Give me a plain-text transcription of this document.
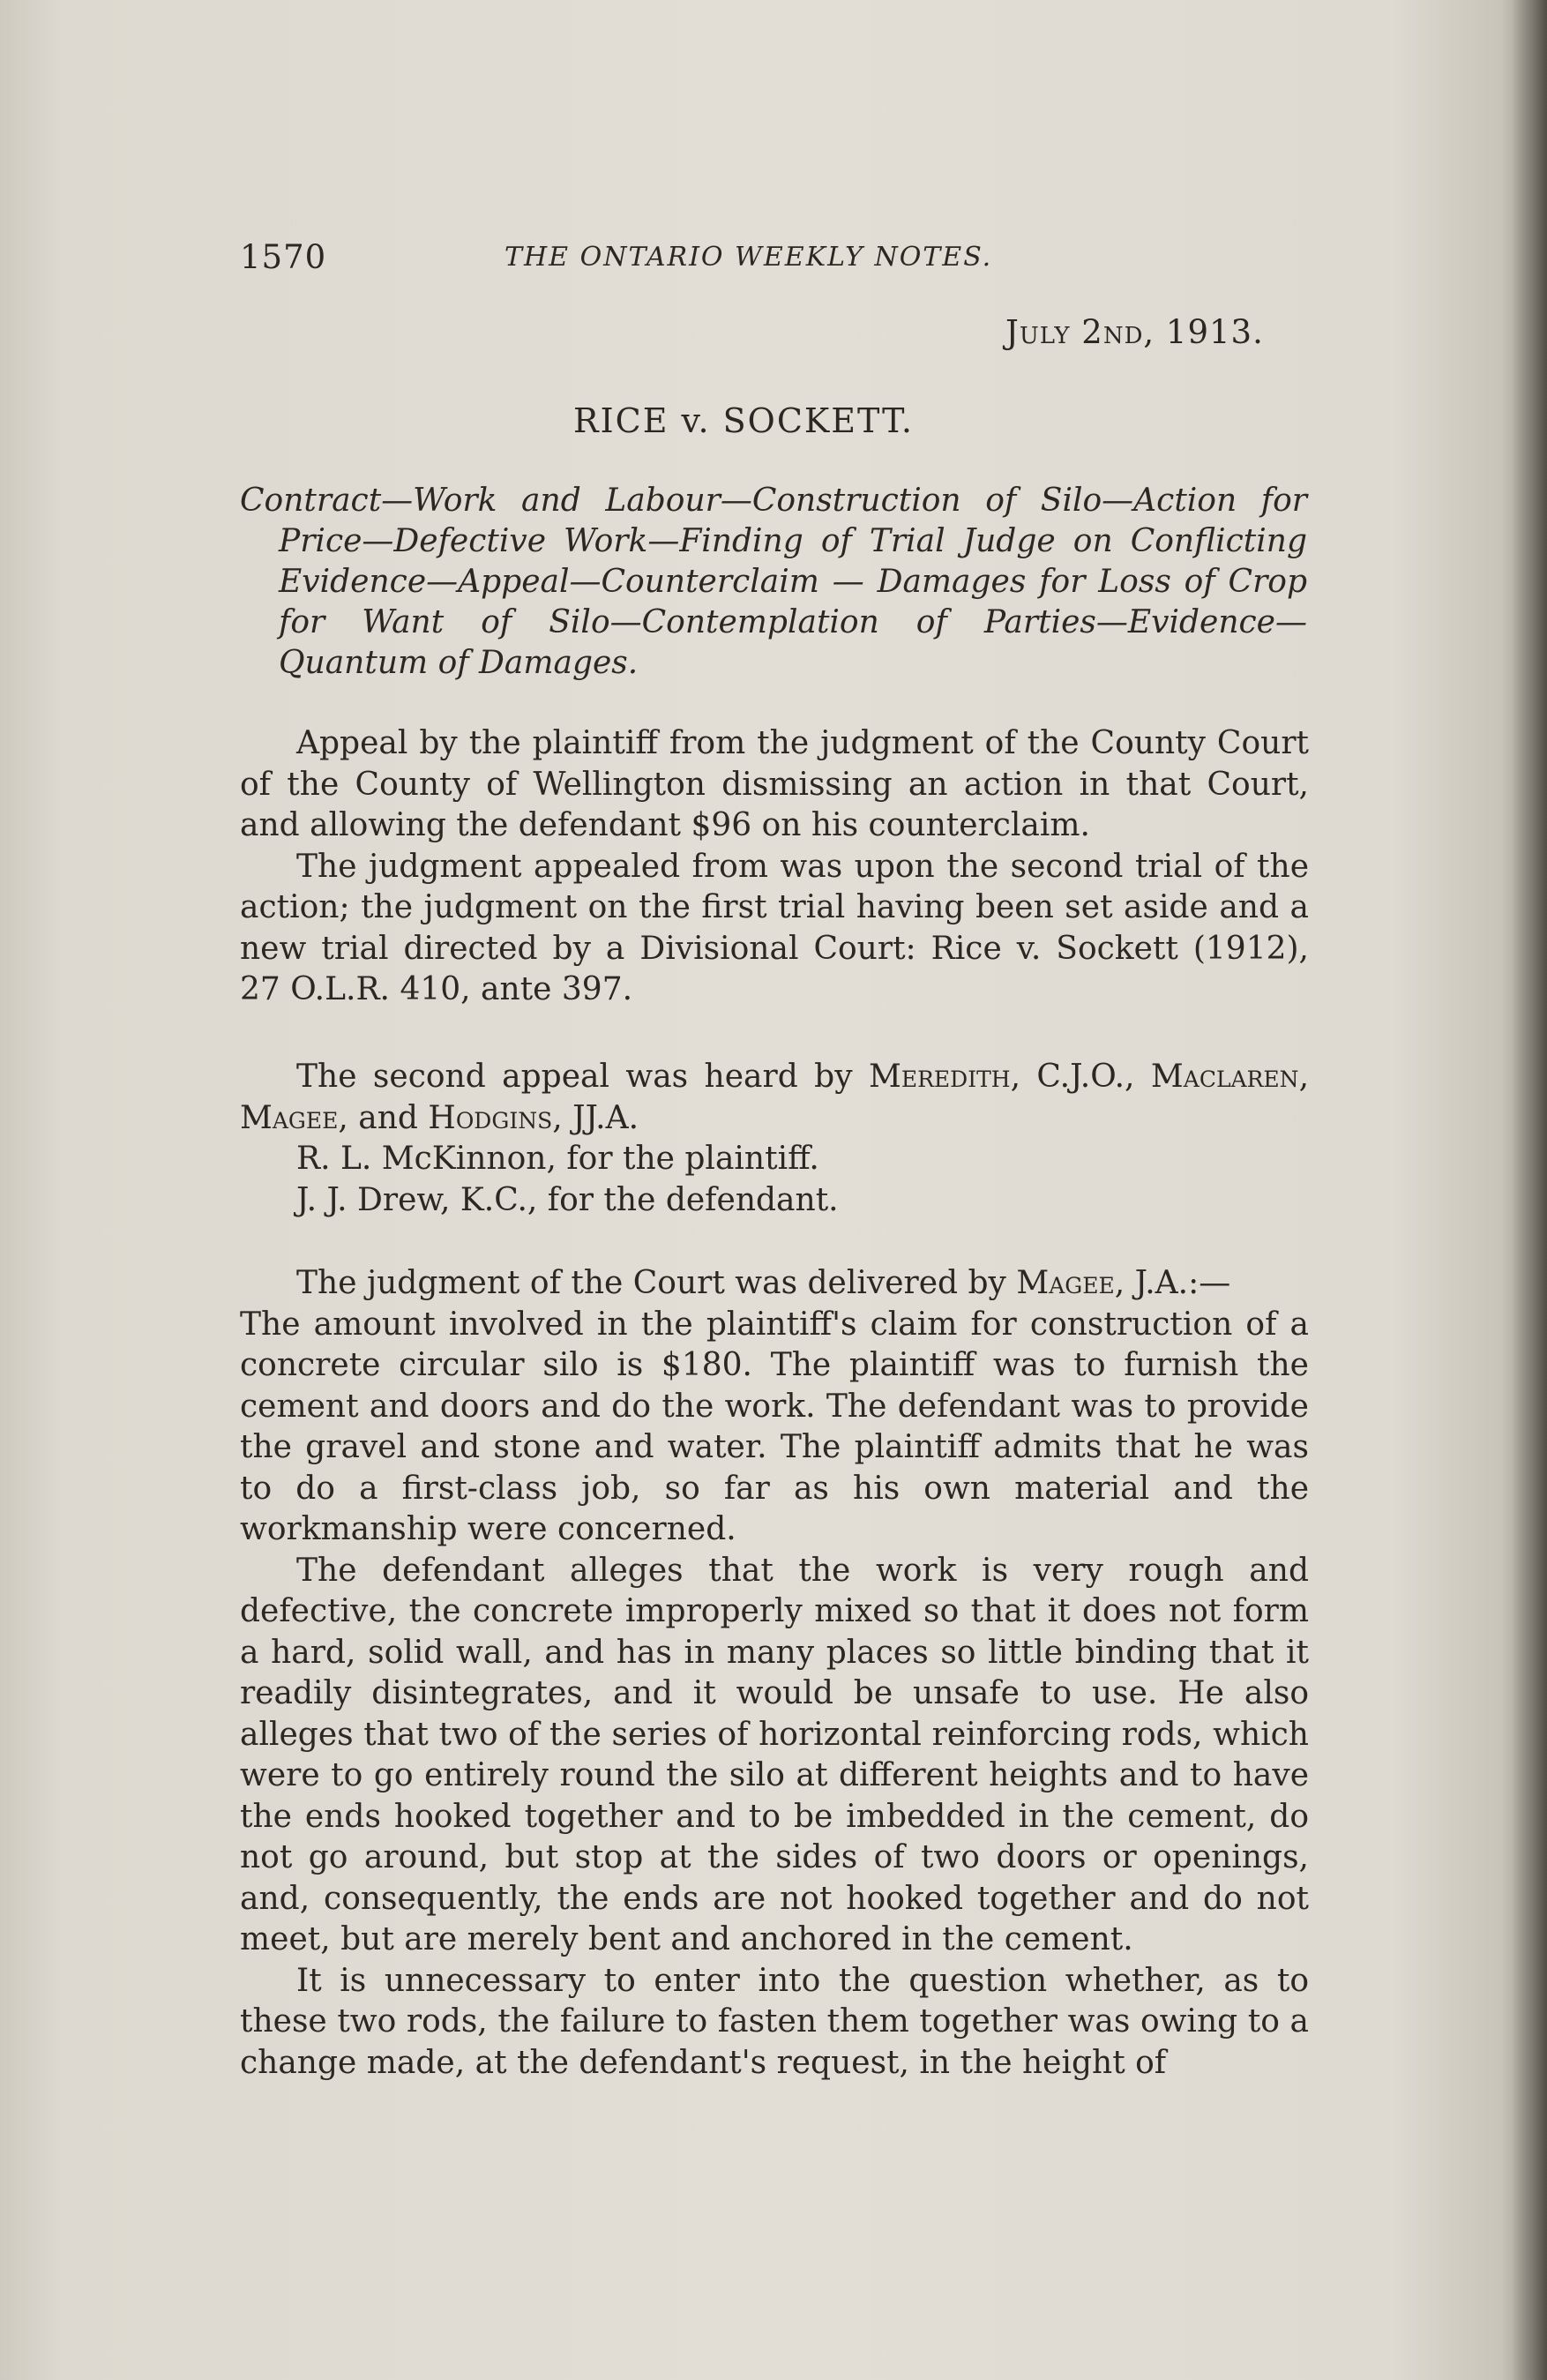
1570	THE ONTARIO WEEKLY NOTES.
July 2nd, 1913.
RICE v. SOCKETT.
Contract—Work and Labour—Construction of Silo—Action for Price—Defective Work—Finding of Trial Judge on Conflicting Evidence—Appeal—Counterclaim — Damages for Loss of Crop for Want of Silo—Contemplation of Parties—Evidence—Quantum of Damages.

Appeal by the plaintiff from the judgment of the County Court of the County of Wellington dismissing an action in that Court, and allowing the defendant $96 on his counterclaim.

The judgment appealed from was upon the second trial of the action; the judgment on the first trial having been set aside and a new trial directed by a Divisional Court: Rice v. Sockett (1912), 27 O.L.R. 410, ante 397.

The second appeal was heard by Meredith, C.J.O., Maclaren, Magee, and Hodgins, JJ.A.

R. L. McKinnon, for the plaintiff.

J. J. Drew, K.C., for the defendant.

The judgment of the Court was delivered by Magee, J.A.:—
The amount involved in the plaintiff's claim for construction of a concrete circular silo is $180. The plaintiff was to furnish the cement and doors and do the work. The defendant was to provide the gravel and stone and water. The plaintiff admits that he was to do a first-class job, so far as his own material and the workmanship were concerned.

The defendant alleges that the work is very rough and defective, the concrete improperly mixed so that it does not form a hard, solid wall, and has in many places so little binding that it readily disintegrates, and it would be unsafe to use. He also alleges that two of the series of horizontal reinforcing rods, which were to go entirely round the silo at different heights and to have the ends hooked together and to be imbedded in the cement, do not go around, but stop at the sides of two doors or openings, and, consequently, the ends are not hooked together and do not meet, but are merely bent and anchored in the cement.

It is unnecessary to enter into the question whether, as to these two rods, the failure to fasten them together was owing to a change made, at the defendant's request, in the height of
